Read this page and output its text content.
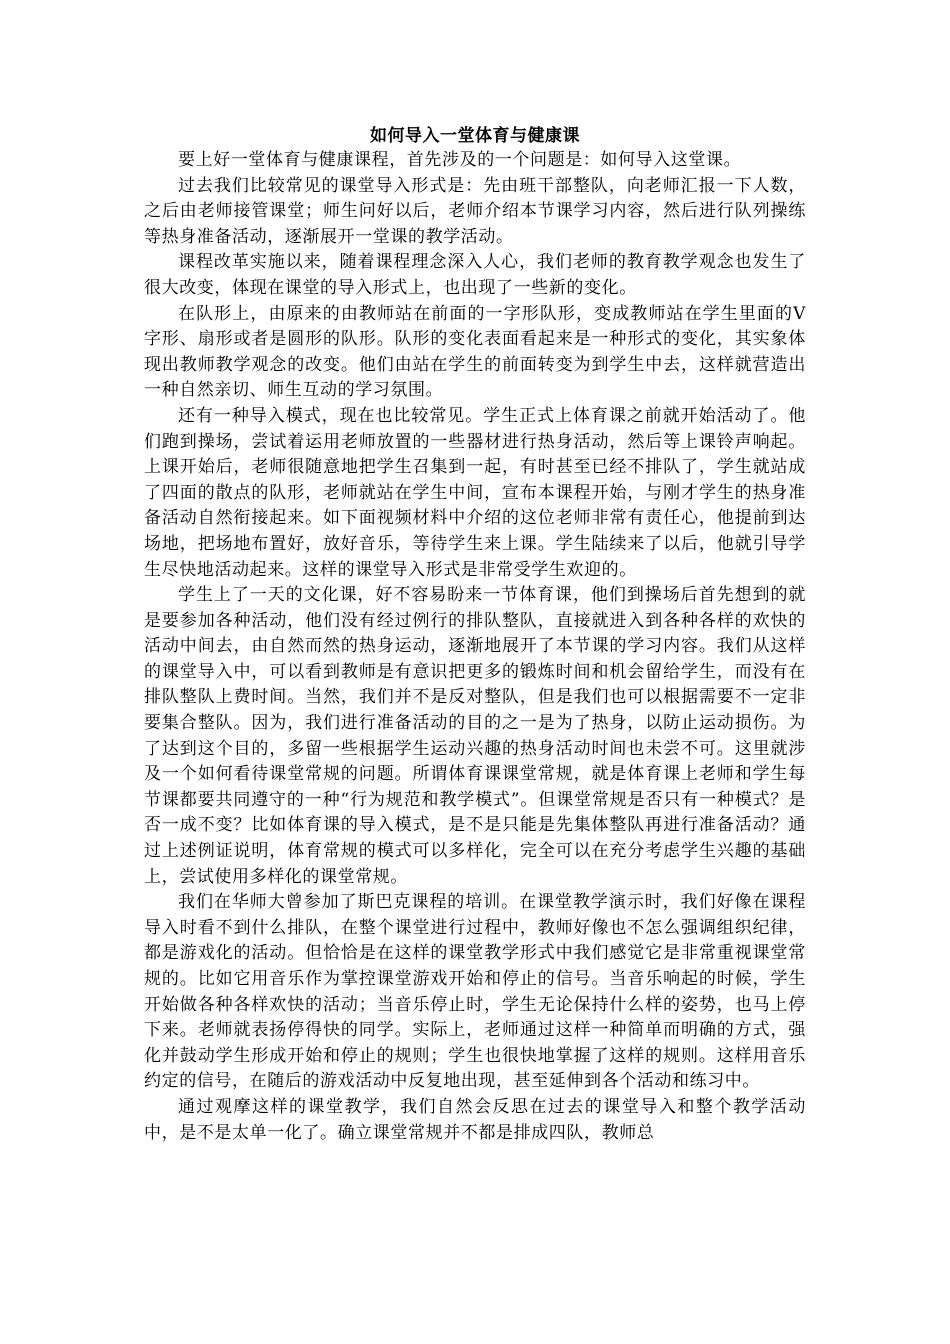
如何导入一堂体育与健康课

要上好一堂体育与健康课程，首先涉及的一个问题是：如何导入这堂课。

过去我们比较常见的课堂导入形式是：先由班干部整队，向老师汇报一下人数，之后由老师接管课堂；师生问好以后，老师介绍本节课学习内容，然后进行队列操练等热身准备活动，逐渐展开一堂课的教学活动。

课程改革实施以来，随着课程理念深入人心，我们老师的教育教学观念也发生了很大改变，体现在课堂的导入形式上，也出现了一些新的变化。

在队形上，由原来的由教师站在前面的一字形队形，变成教师站在学生里面的V字形、扇形或者是圆形的队形。队形的变化表面看起来是一种形式的变化，其实象体现出教师教学观念的改变。他们由站在学生的前面转变为到学生中去，这样就营造出一种自然亲切、师生互动的学习氛围。

还有一种导入模式，现在也比较常见。学生正式上体育课之前就开始活动了。他们跑到操场，尝试着运用老师放置的一些器材进行热身活动，然后等上课铃声响起。上课开始后，老师很随意地把学生召集到一起，有时甚至已经不排队了，学生就站成了四面的散点的队形，老师就站在学生中间，宣布本课程开始，与刚才学生的热身准备活动自然衔接起来。如下面视频材料中介绍的这位老师非常有责任心，他提前到达场地，把场地布置好，放好音乐，等待学生来上课。学生陆续来了以后，他就引导学生尽快地活动起来。这样的课堂导入形式是非常受学生欢迎的。

学生上了一天的文化课，好不容易盼来一节体育课，他们到操场后首先想到的就是要参加各种活动，他们没有经过例行的排队整队，直接就进入到各种各样的欢快的活动中间去，由自然而然的热身运动，逐渐地展开了本节课的学习内容。我们从这样的课堂导入中，可以看到教师是有意识把更多的锻炼时间和机会留给学生，而没有在排队整队上费时间。当然，我们并不是反对整队，但是我们也可以根据需要不一定非要集合整队。因为，我们进行准备活动的目的之一是为了热身，以防止运动损伤。为了达到这个目的，多留一些根据学生运动兴趣的热身活动时间也未尝不可。这里就涉及一个如何看待课堂常规的问题。所谓体育课课堂常规，就是体育课上老师和学生每节课都要共同遵守的一种“行为规范和教学模式”。但课堂常规是否只有一种模式？是否一成不变？比如体育课的导入模式，是不是只能是先集体整队再进行准备活动？通过上述例证说明，体育常规的模式可以多样化，完全可以在充分考虑学生兴趣的基础上，尝试使用多样化的课堂常规。

我们在华师大曾参加了斯巴克课程的培训。在课堂教学演示时，我们好像在课程导入时看不到什么排队，在整个课堂进行过程中，教师好像也不怎么强调组织纪律，都是游戏化的活动。但恰恰是在这样的课堂教学形式中我们感觉它是非常重视课堂常规的。比如它用音乐作为掌控课堂游戏开始和停止的信号。当音乐响起的时候，学生开始做各种各样欢快的活动；当音乐停止时，学生无论保持什么样的姿势，也马上停下来。老师就表扬停得快的同学。实际上，老师通过这样一种简单而明确的方式，强化并鼓动学生形成开始和停止的规则；学生也很快地掌握了这样的规则。这样用音乐约定的信号，在随后的游戏活动中反复地出现，甚至延伸到各个活动和练习中。

通过观摩这样的课堂教学，我们自然会反思在过去的课堂导入和整个教学活动中，是不是太单一化了。确立课堂常规并不都是排成四队，教师总
